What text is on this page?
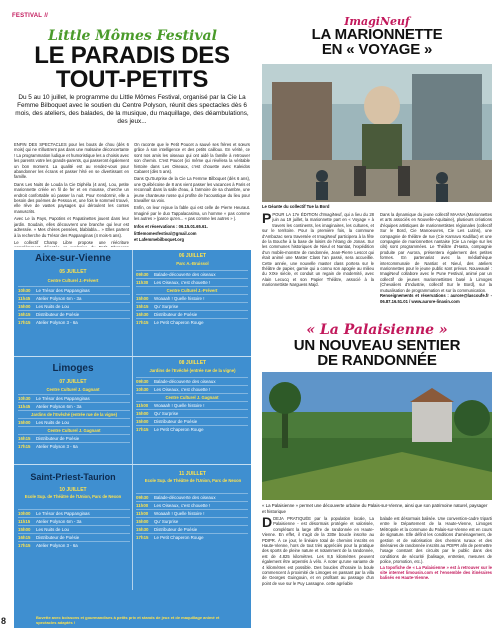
FESTIVAL //
Little Mômes Festival
LE PARADIS DES
TOUT-PETITS
Du 5 au 10 juillet, le programme du Little Mômes Festival, organisé par la Cie La Femme Bilboquet avec le soutien du Centre Polyson, réunit des spectacles dès 6 mois, des ateliers, des balades, de la musique, du maquillage, des déambulations, des jeux...

ENFIN DES SPECTACLES pour les bouts de chou (dès 6 mois) qui ne s'illustrent pas dans une malsaine déconcertante ! La programmation ludique et humoristique les a choisis avec les parents votre les grands-parents, qui passeront également un bon moment. La qualité est au rendez-vous pour abandonner les écrans et passer l'été en se divertissant en famille.

Dans Les Nuits de Louda la Cie Diphéla (4 ans), Lou, petite marionnette créée en fil de fer et en mousse, cherche un endroit confortable où passer la nuit. Pour s'endormir, elle a besoin des poèmes de Pessoa et, une fois le sommeil trouvé, elle rêve de vastes paysages qui déroulent les contes manuscrits.

Avec Le la Pays, Papotins et Papatinettes jouent dans leur jardin. Soudain, elles découvrent une branche qui leur est adressée. « Mes chères pensées, blablabla... » Elles partent à la recherche du Trésor des Pappanginas (4 mois-5 ans).

Le collectif Champ Libre propose une réécriture

On raconte que le Petit Poucet a sauvé ses frères et sœurs grâce à son intelligence et des petits cailloux. En vérité, ce sont nos amis les oiseaux qui ont aidé la famille à retrouver son chemin. C'est Poucet (ici même qui révélera la véritable histoire dans Les Oiseaux, c'est chouette avec Kaleidos Cabaret (dès 5 ans).

Dans Qu'Surprise de la Cie La Femme Bilboquet (dès 6 ans), une Québécoise de 8 ans vient passer les vacances à Paris et reconnaît dans la salle d'eau, à l'armoire de sa chambre, une jeune chanteuse russe qui profite de l'acoustique du lieu pour travailler sa voix.

Enfin, on leur rejoue la fable qui est celle de Pierre Heuraut. Imaginé par le duo Tappalacasima, un homme « pas comme les autres » (parce qu'en... « pas comme les autres » ).

Infos et réservations : 06.15.01.65.61.

littlemomesfestival@gmail.com

et Lafemmebilboquet.org

Aixe-sur-Vienne
05 JUILLET
Centre Culturel J.-Prévert
06 JUILLET
Parc A.-Bruissol
10h30 Le Trésor des Pappanginas
11h45 Atelier Polyson 6m - 3a
15h00 Les Nuits de Lou
16h15 Distributeur de Poésie
17h15 Atelier Polyson 3 - 6a
09h30 Balade-découverte des oiseaux
11h30 Les Oiseaux, c'est chouette !
Centre Culturel J.-Prévert
15h00 Woaaah ! Quelle histoire !
15h15 Qu' Surprise
16h30 Distributeur de Poésie
17h15 Le Petit Chaperon Rouge
Limoges
07 JUILLET
Centre Culturel J. Gagnant
08 JUILLET
Jardins de l'Evêché (entrée rue de la vigne)
10h30 Le Trésor des Pappanginas
11h45 Atelier Polyson 6m - 3a
Jardins de l'Evêché (entrée rue de la vigne)
15h00 Les Nuits de Lou
Centre Culturel J. Gagnant
16h15 Distributeur de Poésie
17h15 Atelier Polyson 3 - 6a
09h30 Balade-découverte des oiseaux
10h30 Les Oiseaux, c'est chouette !
Centre Culturel J. Gagnant
11h00 Woaaah ! Quelle histoire !
15h00 Qu' Surprise
15h00 Distributeur de Poésie
17h15 Le Petit Chaperon Rouge
Saint-Priest-Taurion
10 JUILLET
Ecole Sup. de Théâtre de l'Union, Parc de Nexon
11 JUILLET
Ecole Sup. de Théâtre de l'Union, Parc de Nexon
10h00 Le Trésor des Pappanginas
11h15 Atelier Polyson 6m - 3a
15h00 Les Nuits de Lou
16h15 Distributeur de Poésie
17h15 Atelier Polyson 3 - 6a
09h30 Balade-découverte des oiseaux
11h00 Les Oiseaux, c'est chouette !
11h00 Woaaah ! Quelle histoire !
15h00 Qu' Surprise
15h30 Distributeur de Poésie
17h15 Le Petit Chaperon Rouge
Buvette avec boissons et gourmandises à petits prix et stands de jeux et de maquillage animé et spectacles adaptés !
ImagiNeuf
LA MARIONNETTE
EN « VOYAGE »
Le Géante du collectif Tue la Bord
PPOUR LA 17e ÉDITION d'ImagiNeuf, qui a lieu du 28 juin au 19 juillet, la marionnette part en « Voyage » à travers les continents, les imaginaires, les cultures, et sur le territoire. Pour la première fois, la commune d'Ambazac sera traversée et ImagiNeuf participera à la fête de la Bouche à la base de loisirs de l'étang de Jonas. Sur les communes historiques de Nieul et Nantiat, l'expédition d'un mobile-monstre de randonnée, Jean-Pierre Lescot qui était animé une Master Class l'an passé, sera accueillie. Cette année, une nouvelle master class portera sur le théâtre de papier, garnie qui a connu son apogée au milieu du XIXe siècle, et conduit un regain de modernité, avec Alain Lecucq et son Papier Théâtre, associé à la marionnettiste Narguess Majd.

Dans la dynamique du jeune collectif MAANA (Marionnettes et arts associés en Nouvelle-Aquitaine), plusieurs créations d'équipes artistiques de marionnettistes régionales (collectif Sur le Bord, Cie Manoeuvres, Cie Les Lutins), une compagnie de théâtre de rue (Cie Karnavo Kadillac) et une compagnie de marionnettes nantaise (Cie La neige sur les cils) sont programmées. Le Théâtre d'Hasta, compagnie produite par Aurora, présentera également des petites formes. En partenariat avec la médiathèque intercommunale de Nantiat et Nieul, des ateliers marionnettes pour le jeune public sont prévus. Nouveauté : ImagiNeuf collabore avec le Pune Festival, animé par un collectif de jeunes marionnettistes basé à Limoges (Chevaliers d'Industrie, collectif Sur le Bord), sur la mutualisation de programmation et sur la communication.

Renseignements et réservations : aurore@lascoufe.fr - 06.87.16.51.01 / www.aurore-linasin.com

« La Palaisienne »
UN NOUVEAU SENTIER
DE RANDONNÉE
« La Palaisienne » permet une découverte urbaine du Palais-sur-Vienne, ainsi que son patrimoine naturel, paysager et historique
DDEJA PRATIQUÉE par la population locale, La Palaisienne - est désormais protégée et valorisée, complétant la large offre de randonnée en Haute-Vienne. En effet, il s'agit de la 330e boucle inscrite au PDIPR. À ce jour, le linéaire total de chemins inscrits en Haute-Vienne, hors de tout très appréciés pour la pratique des sports de pleine nature et notamment de la randonnée, est de 4.825 kilomètres. Les 8,5 kilomètres peuvent également être arpentés à vélo. À noter qu'une variante de 4 kilomètres est possible. Des boucles d'horaire la boule commencent à proximité de Limoges en passant par la villa de Georges Guingouin, et en profitant au passage d'un point de vue sur le Puy Lassagne. cette agréable

balade est désormais balisée. Une convention-cadre triparti entre le Département de la Haute-Vienne, Limoges Métropole et la commune du Palais-sur-Vienne est en cours de signature. Elle définit les conditions d'aménagement, de gestion et de valorisation des chemins ruraux et des itinéraires de randonnée inscrits au PDIPR afin de permettre l'usage constant des circuits par le public dans des conditions de sécurité (balisage, entretien, mesures de police, promotion, etc.).

La topofiche de « La Palaisienne » est à retrouver sur le site internet limousin.com et l'ensemble des itinéraires balisés en Haute-Vienne.

8
